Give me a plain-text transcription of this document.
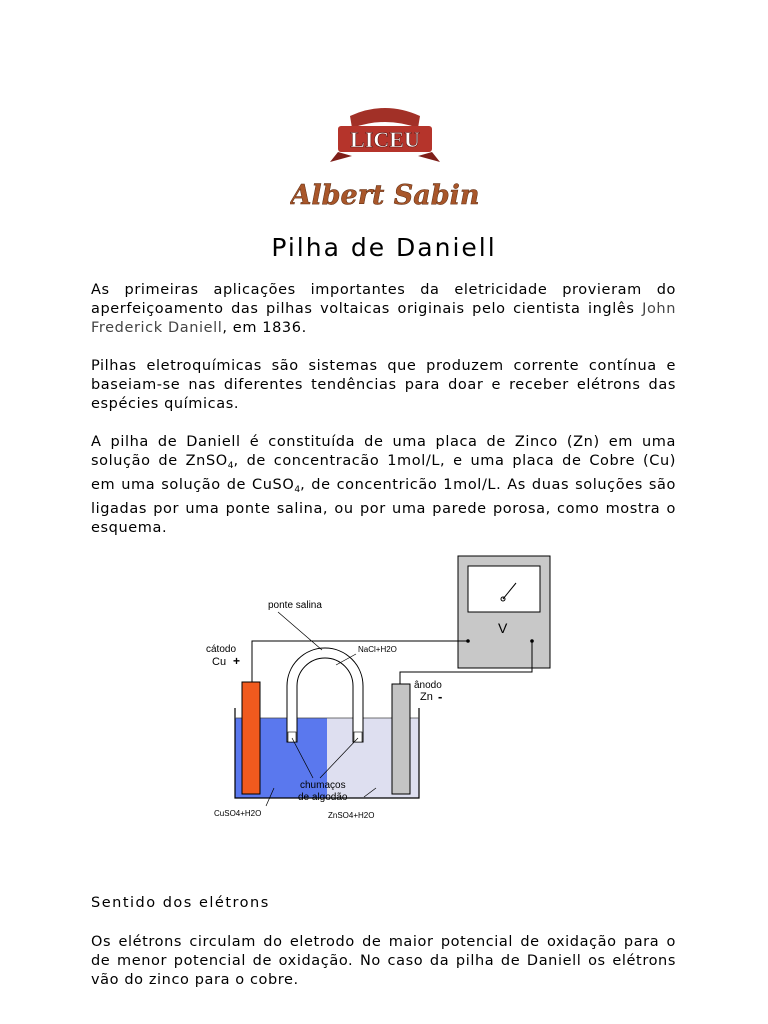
LICEU
Albert Sabin
Pilha de Daniell
As primeiras aplicações importantes da eletricidade provieram do aperfeiçoamento das pilhas voltaicas originais pelo cientista inglês John Frederick Daniell, em 1836.
Pilhas eletroquímicas são sistemas que produzem corrente contínua e baseiam-se nas diferentes tendências para doar e receber elétrons das espécies químicas.
A pilha de Daniell é constituída de uma placa de Zinco (Zn) em uma solução de ZnSO$_4$, de concentracão 1mol/L, e uma placa de Cobre (Cu) em uma solução de CuSO$_4$, de concentricão 1mol/L. As duas soluções são ligadas por uma ponte salina, ou por uma parede porosa, como mostra o esquema.
V
ponte salina
NaCl+H2O
cátodo
Cu +
ânodo
Zn -
chumaços
de algodão
CuSO4+H2O	ZnSO4+H2O
Sentido dos elétrons
Os elétrons circulam do eletrodo de maior potencial de oxidação para o de menor potencial de oxidação. No caso da pilha de Daniell os elétrons vão do zinco para o cobre.
